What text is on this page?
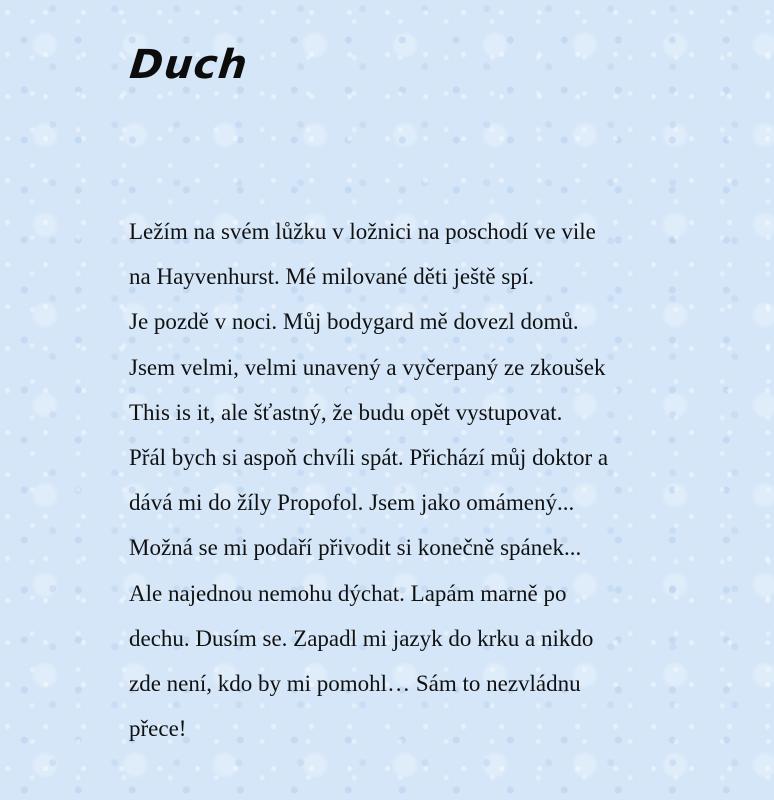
Duch
Ležím na svém lůžku v ložnici na poschodí ve vile
na Hayvenhurst. Mé milované děti ještě spí.
Je pozdě v noci. Můj bodygard mě dovezl domů.
Jsem velmi, velmi unavený a vyčerpaný ze zkoušek
This is it, ale šťastný, že budu opět vystupovat.
Přál bych si aspoň chvíli spát. Přichází můj doktor a
dává mi do žíly Propofol. Jsem jako omámený...
Možná se mi podaří přivodit si konečně spánek...
Ale najednou nemohu dýchat. Lapám marně po
dechu. Dusím se. Zapadl mi jazyk do krku a nikdo
zde není, kdo by mi pomohl… Sám to nezvládnu
přece!
